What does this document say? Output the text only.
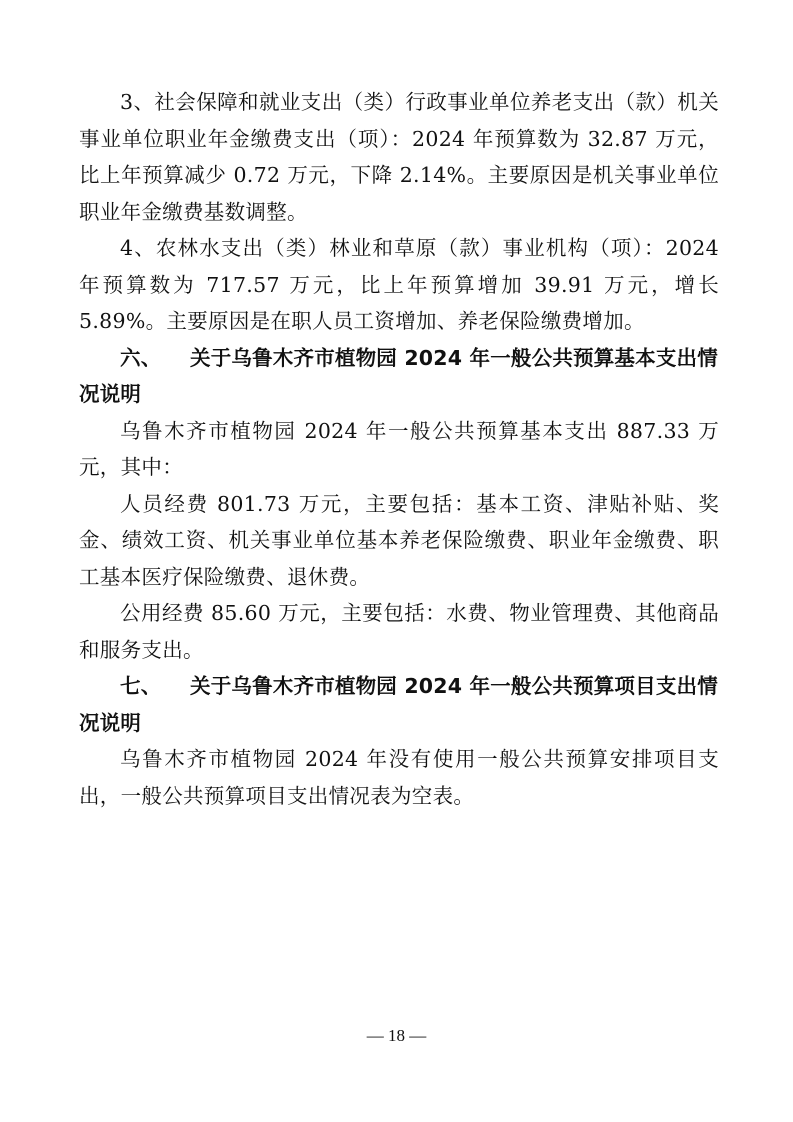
3、社会保障和就业支出（类）行政事业单位养老支出（款）机关事业单位职业年金缴费支出（项）：2024 年预算数为 32.87 万元，比上年预算减少 0.72 万元，下降 2.14%。主要原因是机关事业单位职业年金缴费基数调整。

4、农林水支出（类）林业和草原（款）事业机构（项）：2024 年预算数为 717.57 万元，比上年预算增加 39.91 万元，增长 5.89%。主要原因是在职人员工资增加、养老保险缴费增加。

六、 关于乌鲁木齐市植物园 2024 年一般公共预算基本支出情况说明

乌鲁木齐市植物园 2024 年一般公共预算基本支出 887.33 万元，其中：

人员经费 801.73 万元，主要包括：基本工资、津贴补贴、奖金、绩效工资、机关事业单位基本养老保险缴费、职业年金缴费、职工基本医疗保险缴费、退休费。

公用经费 85.60 万元，主要包括：水费、物业管理费、其他商品和服务支出。

七、 关于乌鲁木齐市植物园 2024 年一般公共预算项目支出情况说明

乌鲁木齐市植物园 2024 年没有使用一般公共预算安排项目支出，一般公共预算项目支出情况表为空表。

— 18 —
